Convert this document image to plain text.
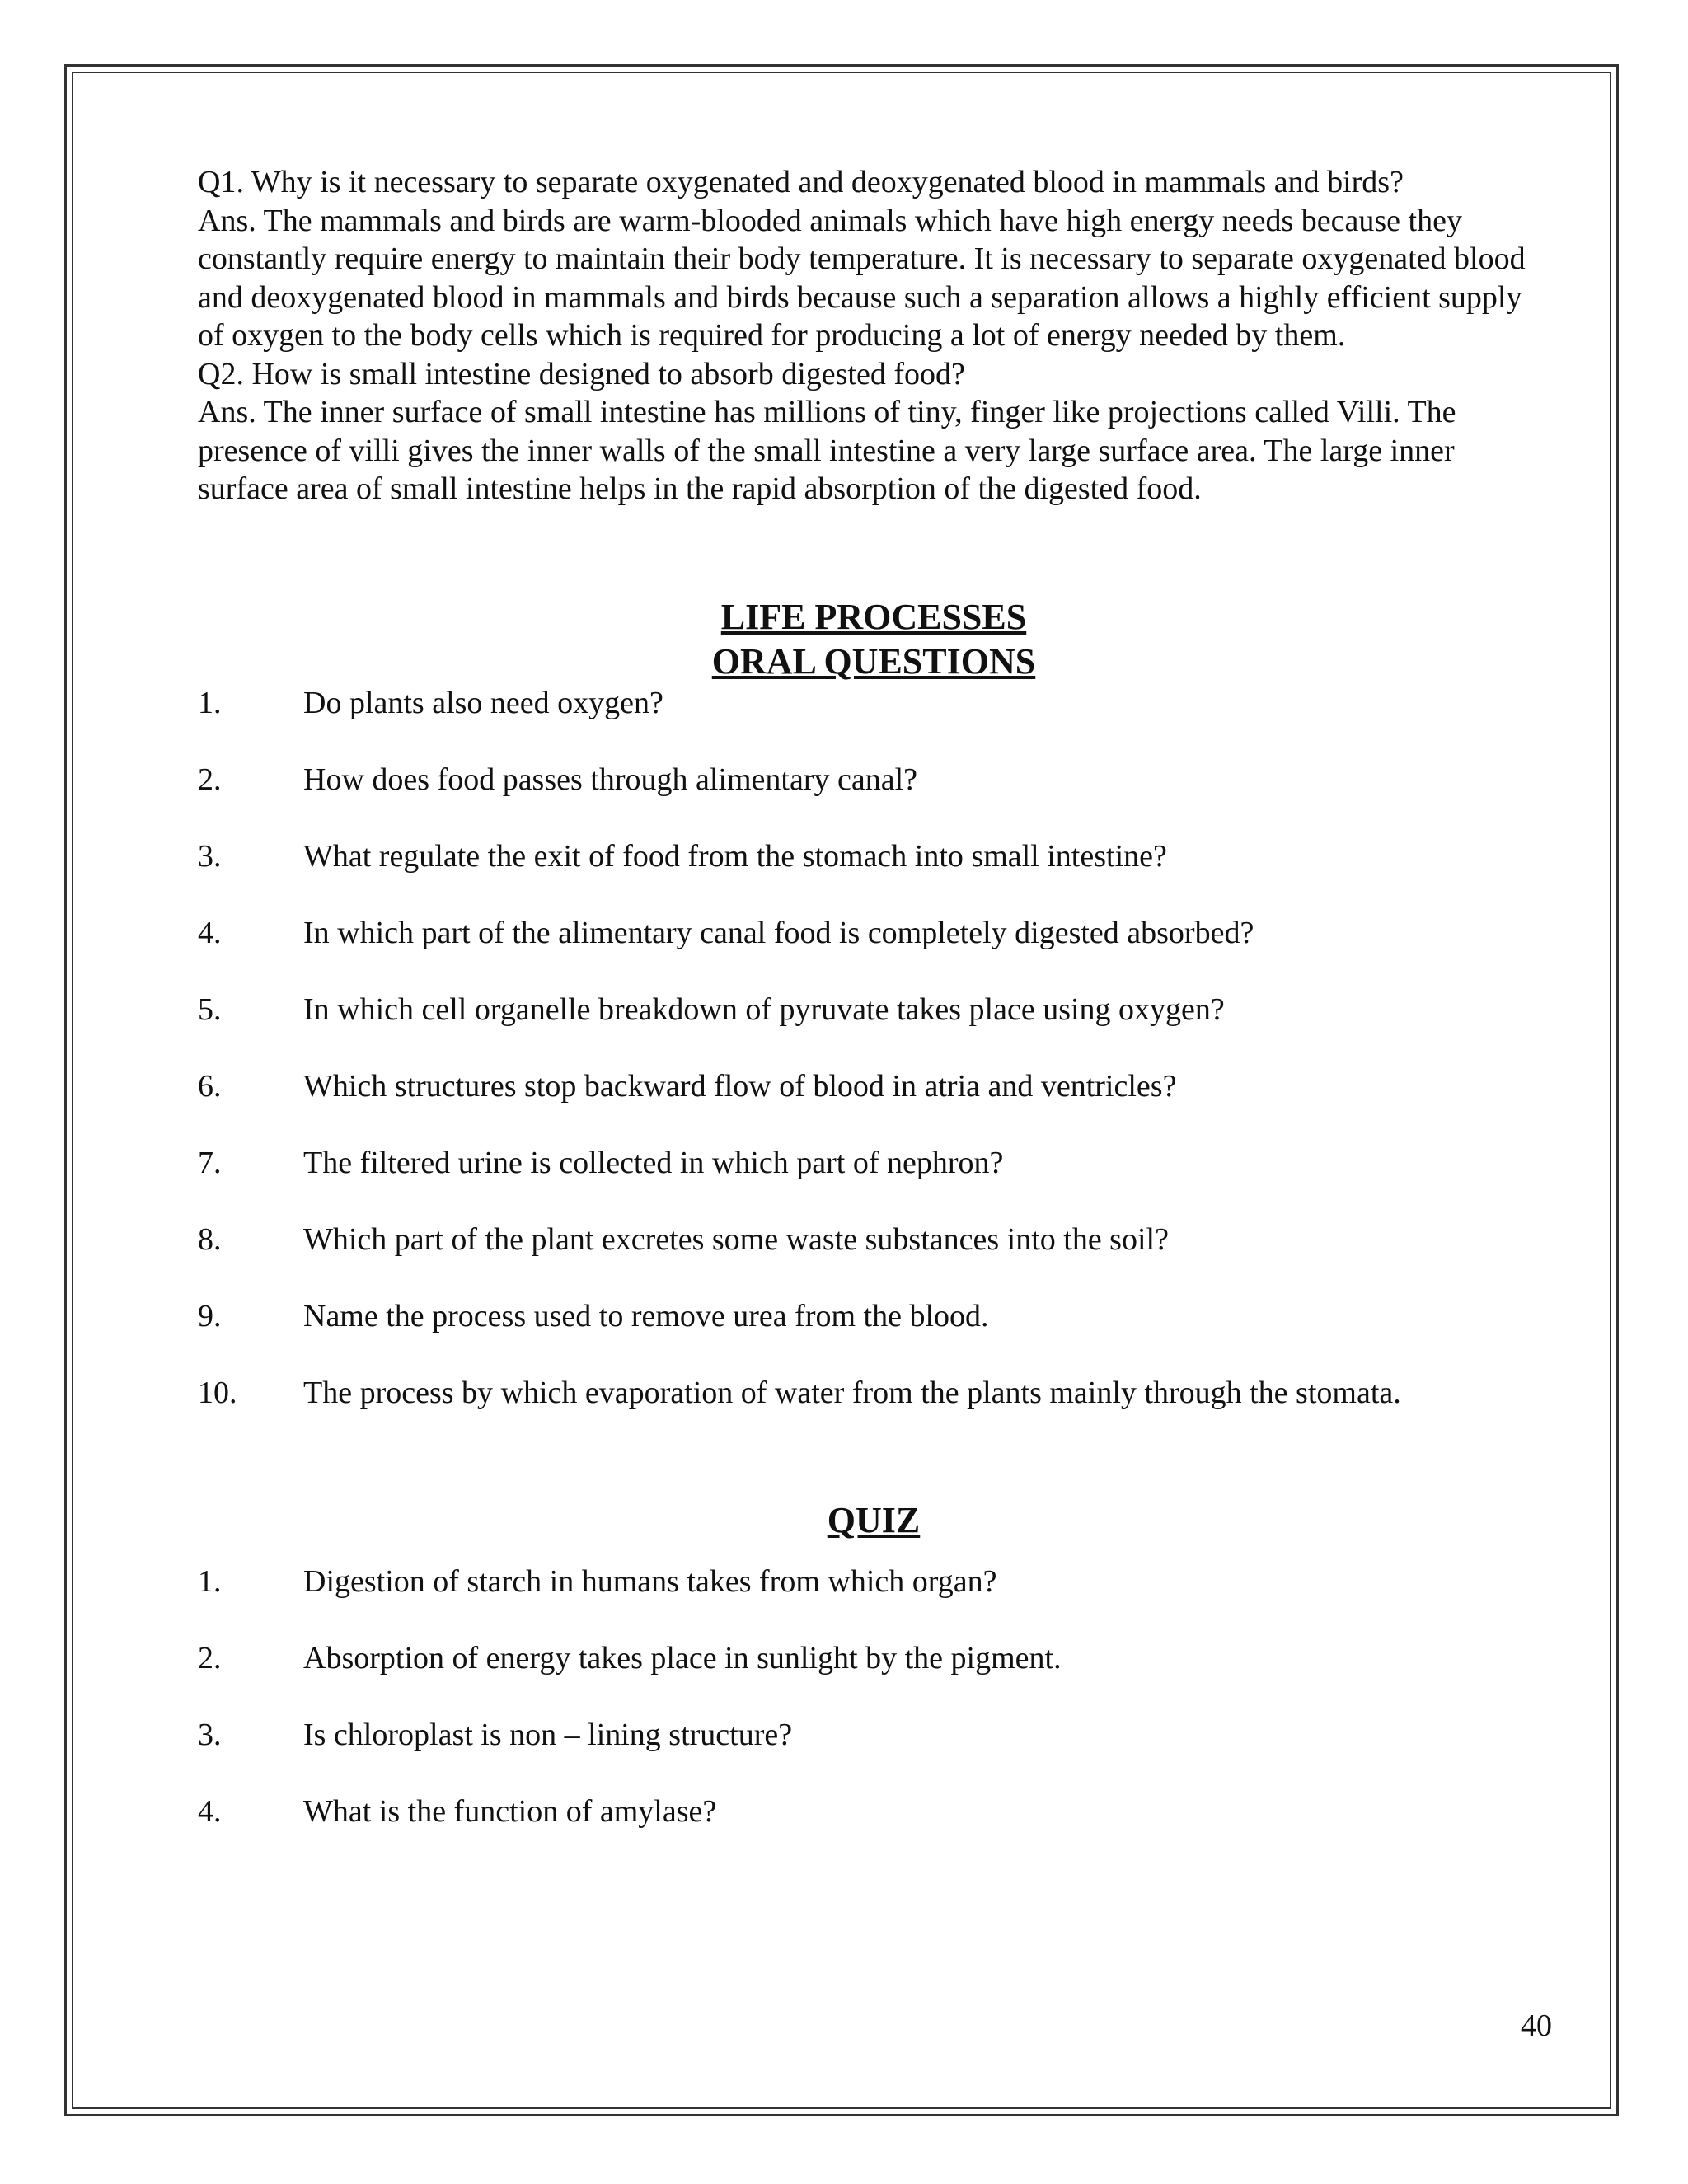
Q1. Why is it necessary to separate oxygenated and deoxygenated blood in mammals and birds?

Ans. The mammals and birds are warm-blooded animals which have high energy needs because they constantly require energy to maintain their body temperature. It is necessary to separate oxygenated blood and deoxygenated blood in mammals and birds because such a separation allows a highly efficient supply of oxygen to the body cells which is required for producing a lot of energy needed by them.

Q2. How is small intestine designed to absorb digested food?

Ans. The inner surface of small intestine has millions of tiny, finger like projections called Villi. The presence of villi gives the inner walls of the small intestine a very large surface area. The large inner surface area of small intestine helps in the rapid absorption of the digested food.

LIFE PROCESSES
ORAL QUESTIONS
1.	Do plants also need oxygen?
2.	How does food passes through alimentary canal?
3.	What regulate the exit of food from the stomach into small intestine?
4.	In which part of the alimentary canal food is completely digested absorbed?
5.	In which cell organelle breakdown of pyruvate takes place using oxygen?
6.	Which structures stop backward flow of blood in atria and ventricles?
7.	The filtered urine is collected in which part of nephron?
8.	Which part of the plant excretes some waste substances into the soil?
9.	Name the process used to remove urea from the blood.
10.	The process by which evaporation of water from the plants mainly through the stomata.
QUIZ
1.	Digestion of starch in humans takes from which organ?
2.	Absorption of energy takes place in sunlight by the pigment.
3.	Is chloroplast is non – lining structure?
4.	What is the function of amylase?
40
